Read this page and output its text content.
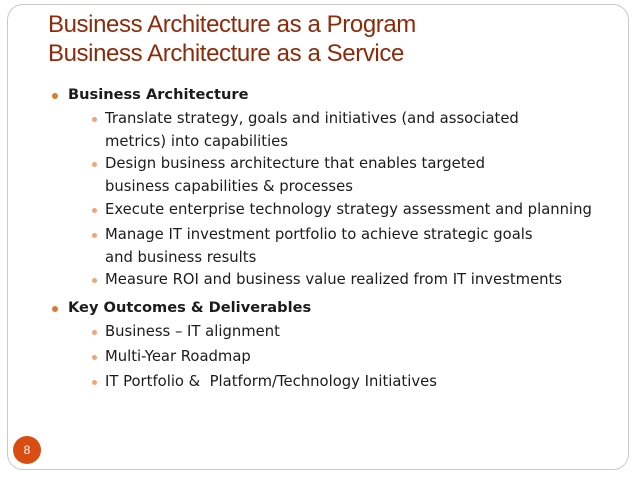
Business Architecture as a Program
Business Architecture as a Service
Business Architecture
Translate strategy, goals and initiatives (and associated metrics) into capabilities
Design business architecture that enables targeted business capabilities & processes
Execute enterprise technology strategy assessment and planning
Manage IT investment portfolio to achieve strategic goals and business results
Measure ROI and business value realized from IT investments
Key Outcomes & Deliverables
Business – IT alignment
Multi-Year Roadmap
IT Portfolio &  Platform/Technology Initiatives
8
